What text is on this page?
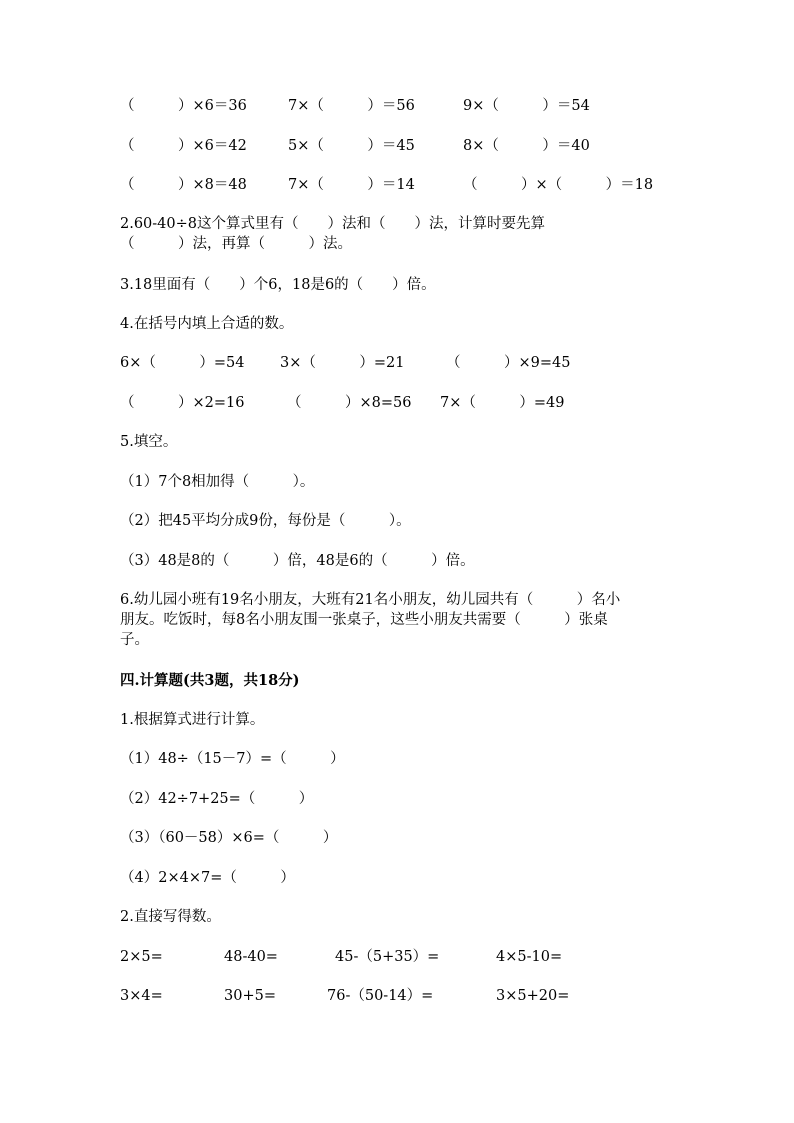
（　　　）×6＝36	7×（　　　）＝56	9×（　　　）＝54
（　　　）×6＝42	5×（　　　）＝45	8×（　　　）＝40
（　　　）×8＝48	7×（　　　）＝14	（　　　）×（　　　）＝18
2.60-40÷8这个算式里有（　　）法和（　　）法，计算时要先算
（　　　）法，再算（　　　）法。
3.18里面有（　　）个6，18是6的（　　）倍。
4.在括号内填上合适的数。
6×（　　　）=54 3×（　　　）=21	（　　　）×9=45
（　　　）×2=16	（　　　）×8=56 7×（　　　）=49
5.填空。
（1）7个8相加得（　　　）。
（2）把45平均分成9份，每份是（　　　）。
（3）48是8的（　　　）倍，48是6的（　　　）倍。
6.幼儿园小班有19名小朋友，大班有21名小朋友，幼儿园共有（　　　）名小
朋友。吃饭时，每8名小朋友围一张桌子，这些小朋友共需要（　　　）张桌
子。
四.计算题(共3题，共18分)
1.根据算式进行计算。
（1）48÷（15－7）=（　　　）
（2）42÷7+25=（　　　）
（3）（60－58）×6=（　　　）
（4）2×4×7=（　　　）
2.直接写得数。
2×5=	48-40=	45-（5+35）=	4×5-10=
3×4=	30+5=	76-（50-14）=	3×5+20=
